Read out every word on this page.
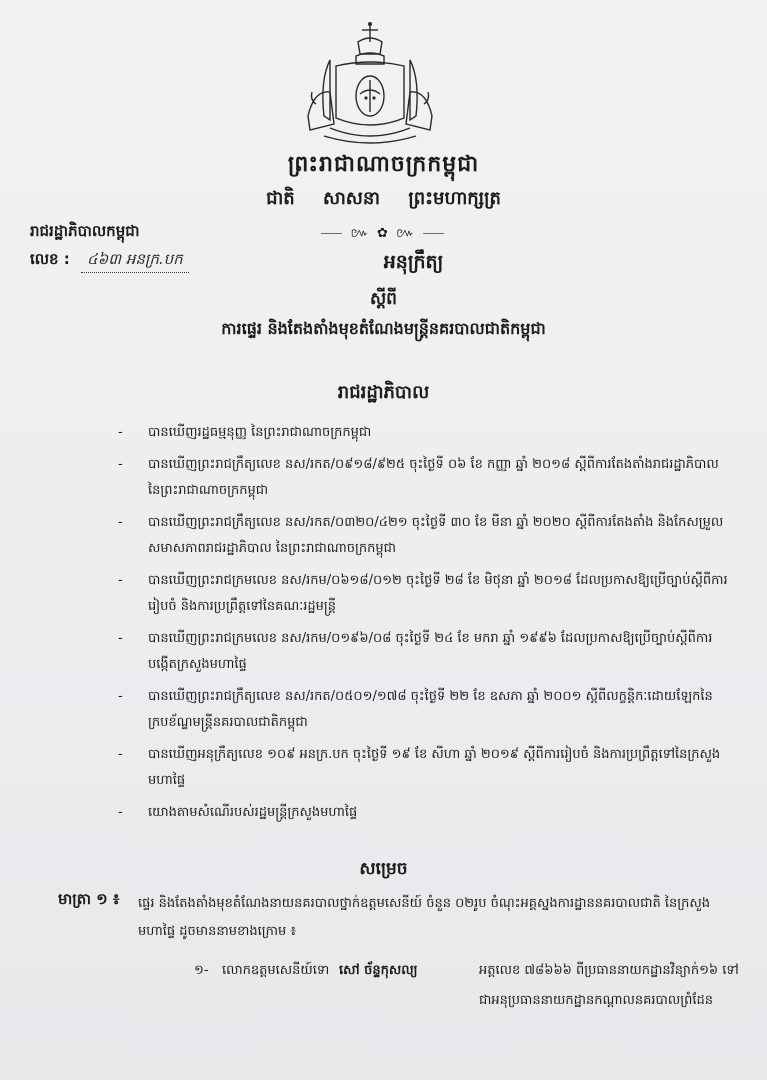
ព្រះរាជាណាចក្រកម្ពុជា
ជាតិ សាសនា ព្រះមហាក្សត្រ
⸺ ៚ ✿ ៚ ⸺
រាជរដ្ឋាភិបាលកម្ពុជា
លេខ : ៤៦៣ អនក្រ.បក	អនុក្រឹត្យ
ស្តីពី
ការផ្ទេរ និងតែងតាំងមុខតំណែងមន្ត្រីនគរបាលជាតិកម្ពុជា
រាជរដ្ឋាភិបាល
- បានឃើញរដ្ឋធម្មនុញ្ញ នៃព្រះរាជាណាចក្រកម្ពុជា
- បានឃើញព្រះរាជក្រឹត្យលេខ នស/រកត/០៩១៨/៩២៥ ចុះថ្ងៃទី ០៦ ខែ កញ្ញា ឆ្នាំ ២០១៨ ស្តីពីការតែងតាំងរាជរដ្ឋាភិបាល នៃព្រះរាជាណាចក្រកម្ពុជា
- បានឃើញព្រះរាជក្រឹត្យលេខ នស/រកត/០៣២០/៤២១ ចុះថ្ងៃទី ៣០ ខែ មីនា ឆ្នាំ ២០២០ ស្តីពីការតែងតាំង និងកែសម្រួលសមាសភាពរាជរដ្ឋាភិបាល នៃព្រះរាជាណាចក្រកម្ពុជា
- បានឃើញព្រះរាជក្រមលេខ នស/រកម/០៦១៨/០១២ ចុះថ្ងៃទី ២៨ ខែ មិថុនា ឆ្នាំ ២០១៨ ដែលប្រកាសឱ្យប្រើច្បាប់ស្តីពីការរៀបចំ និងការប្រព្រឹត្តទៅនៃគណៈរដ្ឋមន្ត្រី
- បានឃើញព្រះរាជក្រមលេខ នស/រកម/០១៩៦/០៨ ចុះថ្ងៃទី ២៤ ខែ មករា ឆ្នាំ ១៩៩៦ ដែលប្រកាសឱ្យប្រើច្បាប់ស្តីពីការបង្កើតក្រសួងមហាផ្ទៃ
- បានឃើញព្រះរាជក្រឹត្យលេខ នស/រកត/០៥០១/១៧៨ ចុះថ្ងៃទី ២២ ខែ ឧសភា ឆ្នាំ ២០០១ ស្តីពីលក្ខន្តិកៈដោយឡែកនៃក្របខ័ណ្ឌមន្ត្រីនគរបាលជាតិកម្ពុជា
- បានឃើញអនុក្រឹត្យលេខ ១០៩ អនក្រ.បក ចុះថ្ងៃទី ១៩ ខែ សីហា ឆ្នាំ ២០១៩ ស្តីពីការរៀបចំ និងការប្រព្រឹត្តទៅនៃក្រសួងមហាផ្ទៃ
- យោងតាមសំណើរបស់រដ្ឋមន្ត្រីក្រសួងមហាផ្ទៃ
សម្រេច
មាត្រា ១ ៖ ផ្ទេរ និងតែងតាំងមុខតំណែងនាយនគរបាលថ្នាក់ឧត្តមសេនីយ៍ ចំនួន ០២រូប ចំណុះអគ្គស្នងការដ្ឋាននគរបាលជាតិ នៃក្រសួងមហាផ្ទៃ ដូចមាននាមខាងក្រោម ៖
១- លោកឧត្តមសេនីយ៍ទោ សៅ ច័ន្ទកុសល្យ	អត្តលេខ ៧៨៦៦៦ ពីប្រធាននាយកដ្ឋានវិន្យាក់១៦ ទៅជាអនុប្រធាននាយកដ្ឋានកណ្តាលនគរបាលព្រំដែន
